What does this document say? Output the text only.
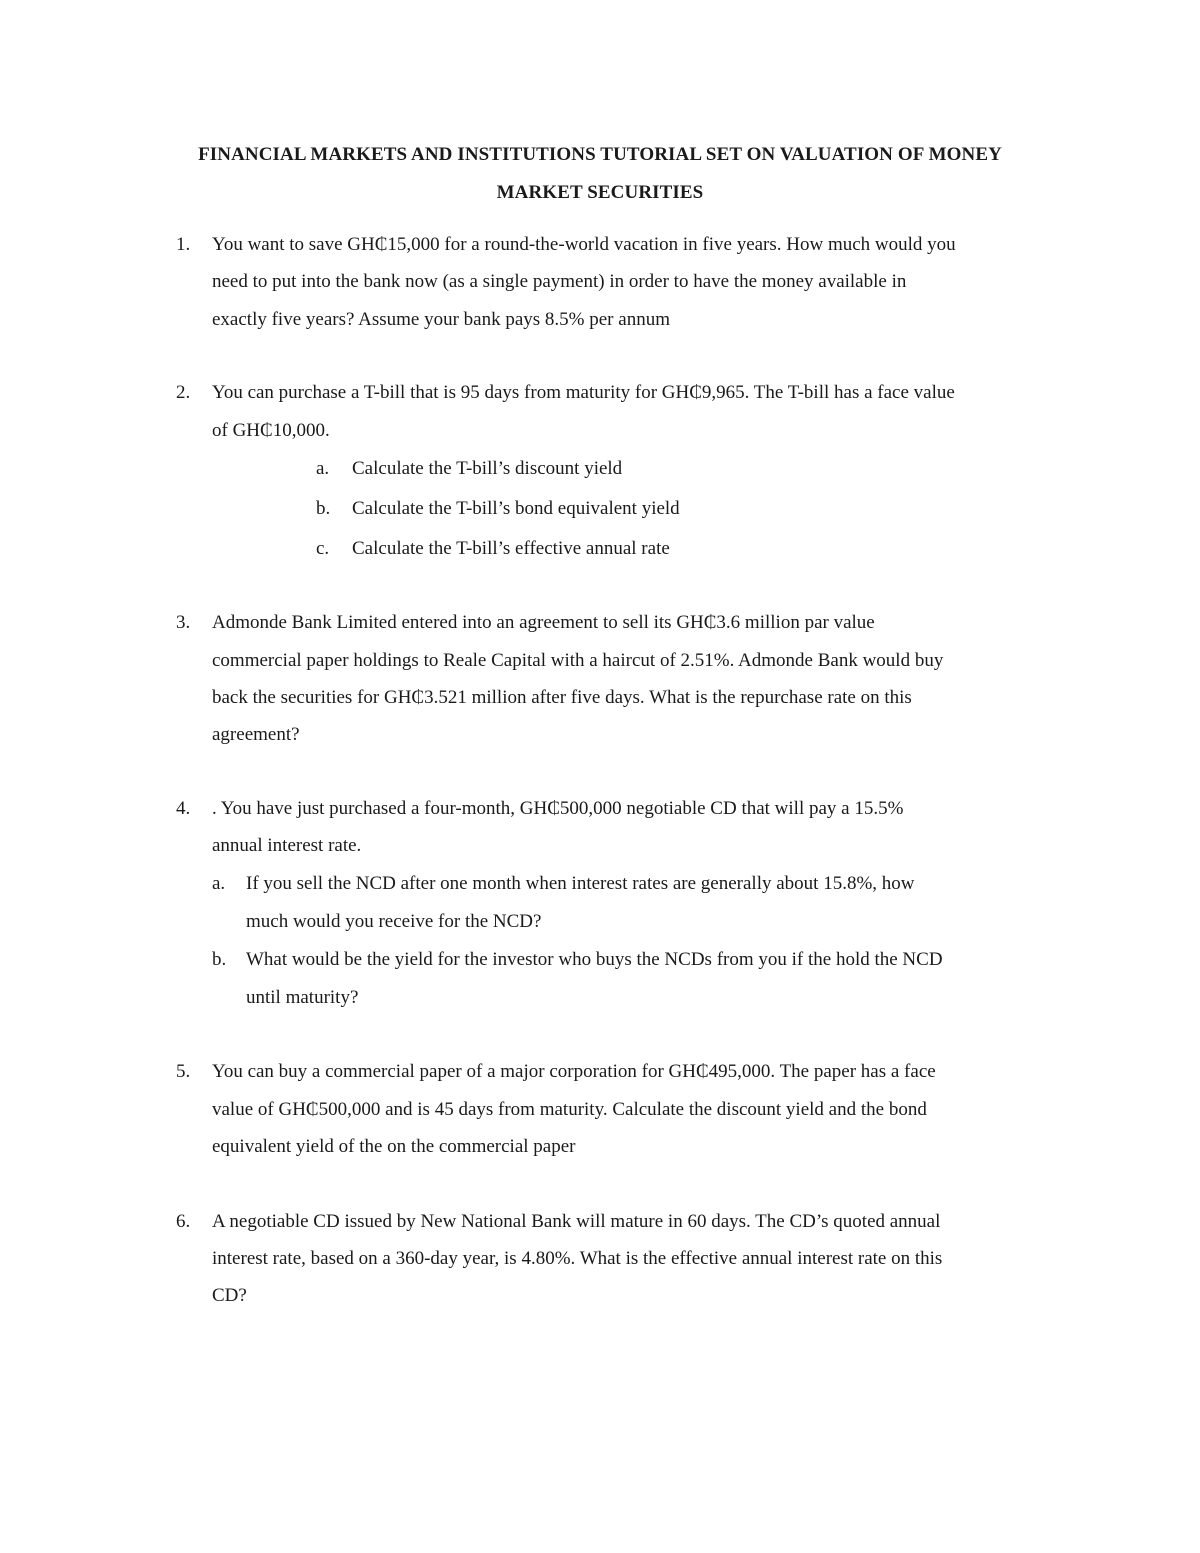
FINANCIAL MARKETS AND INSTITUTIONS TUTORIAL SET ON VALUATION OF MONEY
MARKET SECURITIES
1. You want to save GH₵15,000 for a round-the-world vacation in five years. How much would you
need to put into the bank now (as a single payment) in order to have the money available in
exactly five years? Assume your bank pays 8.5% per annum
2. You can purchase a T-bill that is 95 days from maturity for GH₵9,965. The T-bill has a face value
of GH₵10,000.
a. Calculate the T-bill’s discount yield
b. Calculate the T-bill’s bond equivalent yield
c. Calculate the T-bill’s effective annual rate
3. Admonde Bank Limited entered into an agreement to sell its GH₵3.6 million par value
commercial paper holdings to Reale Capital with a haircut of 2.51%. Admonde Bank would buy
back the securities for GH₵3.521 million after five days. What is the repurchase rate on this
agreement?
4. . You have just purchased a four-month, GH₵500,000 negotiable CD that will pay a 15.5%
annual interest rate.
a. If you sell the NCD after one month when interest rates are generally about 15.8%, how
much would you receive for the NCD?
b. What would be the yield for the investor who buys the NCDs from you if the hold the NCD
until maturity?
5. You can buy a commercial paper of a major corporation for GH₵495,000. The paper has a face
value of GH₵500,000 and is 45 days from maturity. Calculate the discount yield and the bond
equivalent yield of the on the commercial paper
6. A negotiable CD issued by New National Bank will mature in 60 days. The CD’s quoted annual
interest rate, based on a 360-day year, is 4.80%. What is the effective annual interest rate on this
CD?
